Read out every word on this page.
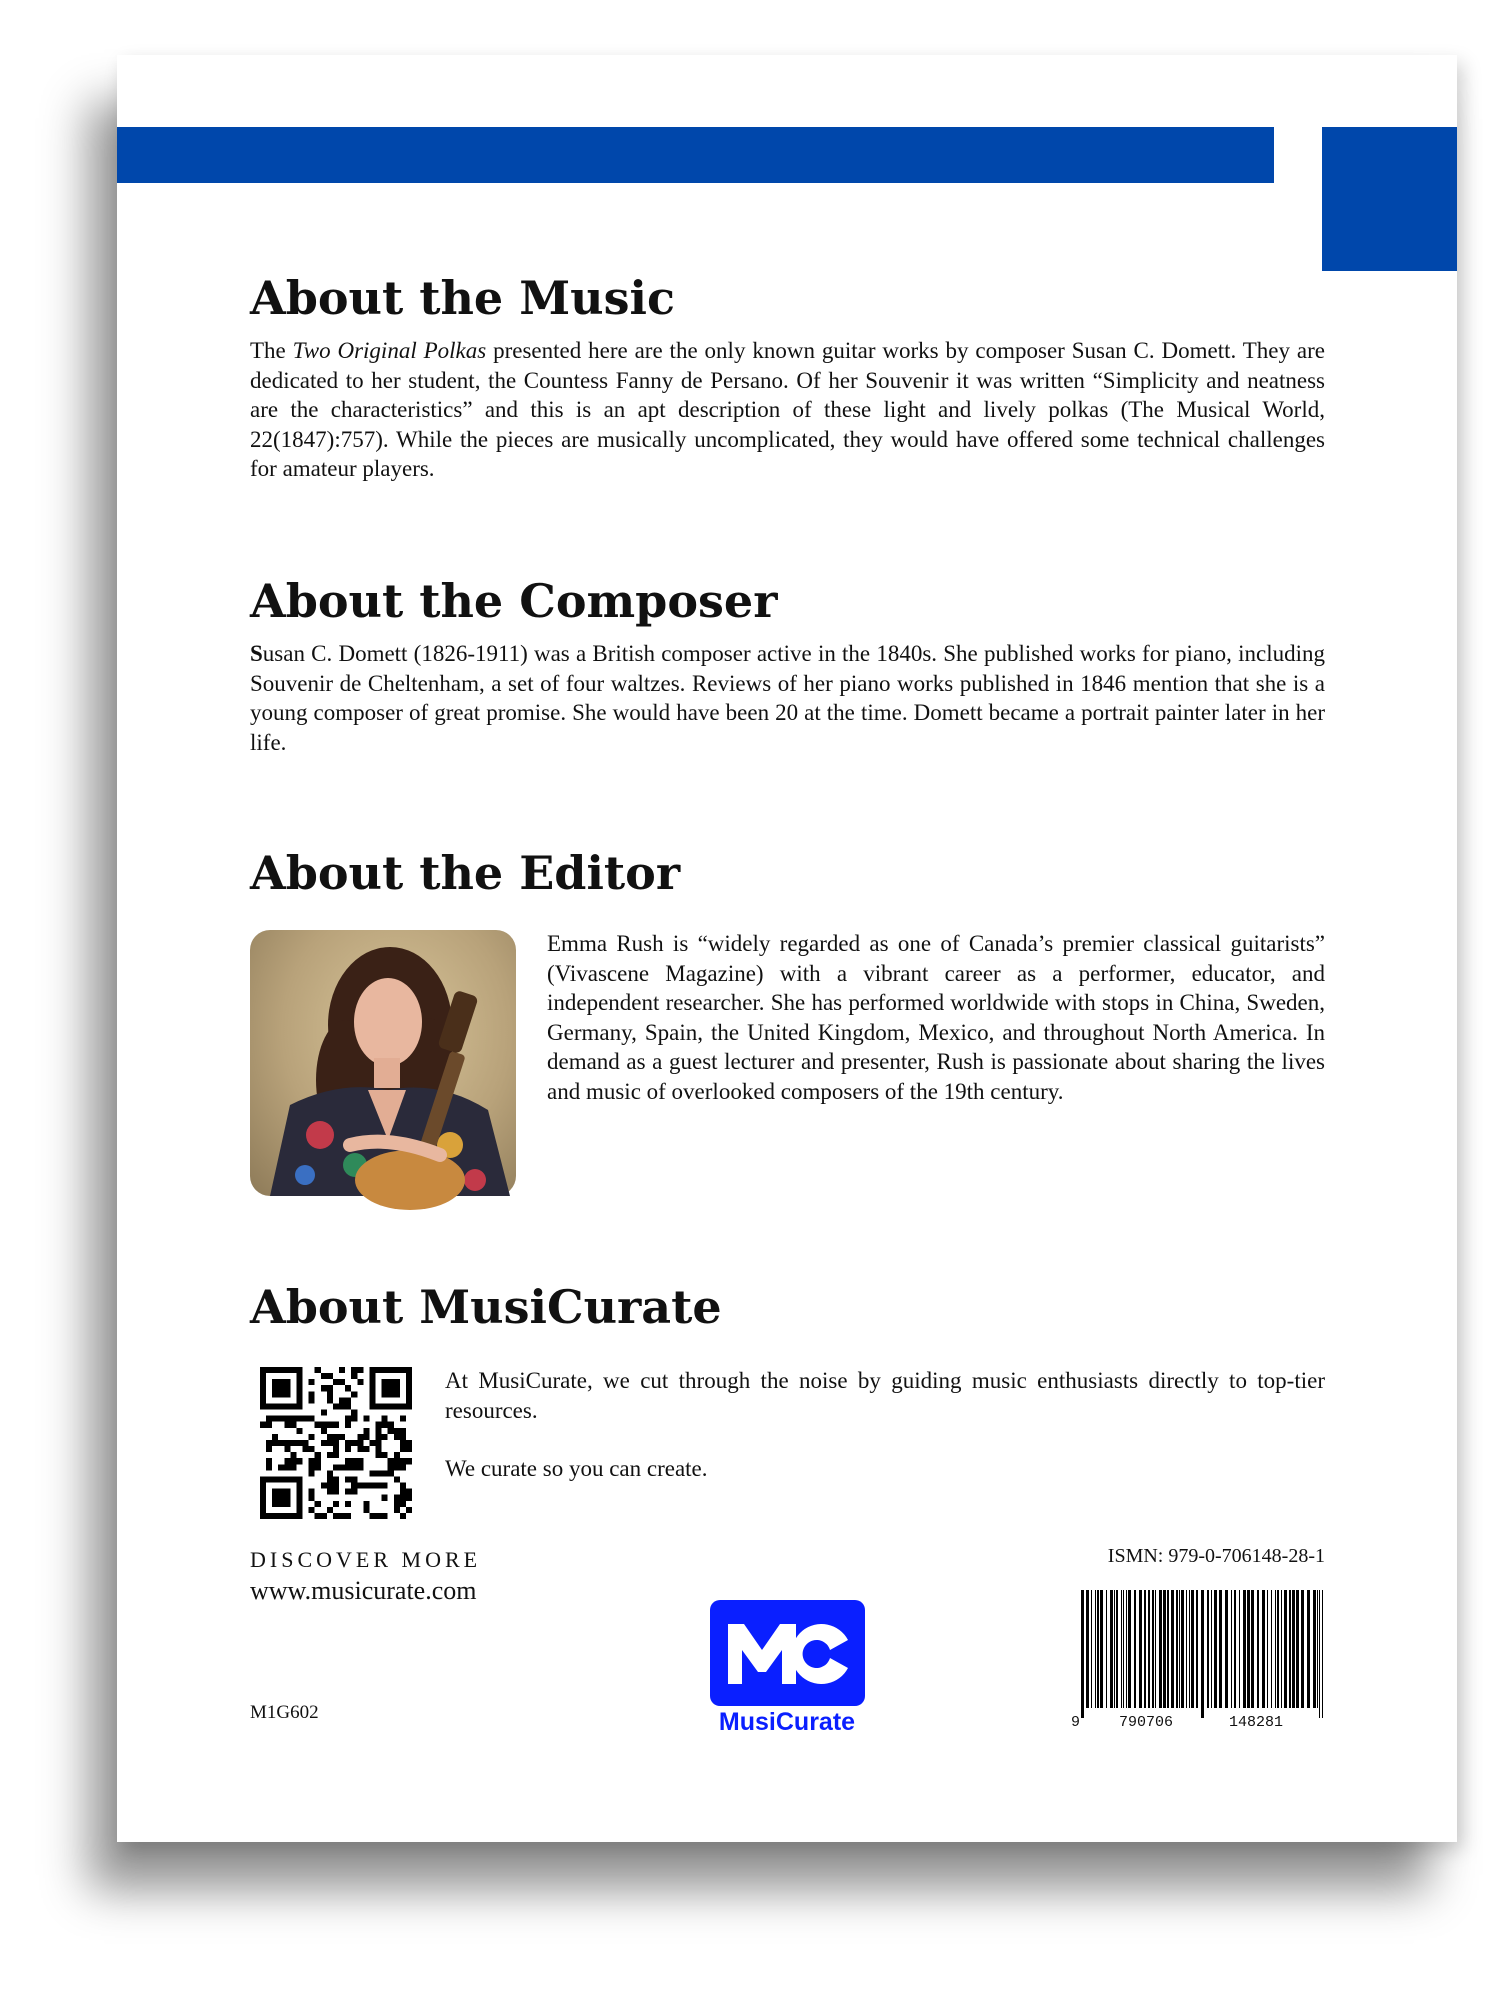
About the Music

The Two Original Polkas presented here are the only known guitar works by composer Susan C. Domett. They are dedicated to her student, the Countess Fanny de Persano. Of her Souvenir it was written “Simplicity and neatness are the characteristics” and this is an apt description of these light and lively polkas (The Musical World, 22(1847):757). While the pieces are musically uncomplicated, they would have offered some technical challenges for amateur players.

About the Composer

Susan C. Domett (1826-1911) was a British composer active in the 1840s. She published works for piano, including Souvenir de Cheltenham, a set of four waltzes. Reviews of her piano works published in 1846 mention that she is a young composer of great promise. She would have been 20 at the time. Domett became a portrait painter later in her life.

About the Editor

Emma Rush is “widely regarded as one of Canada’s premier classical guitarists” (Vivascene Magazine) with a vibrant career as a performer, educator, and independent researcher. She has performed worldwide with stops in China, Sweden, Germany, Spain, the United Kingdom, Mexico, and throughout North America. In demand as a guest lecturer and presenter, Rush is passionate about sharing the lives and music of overlooked composers of the 19th century.

About MusiCurate

At MusiCurate, we cut through the noise by guiding music enthusiasts directly to top-tier resources.

We curate so you can create.

DISCOVER MORE
www.musicurate.com
M1G602	MusiCurate
ISMN: 979-0-706148-28-1
9	790706	148281
